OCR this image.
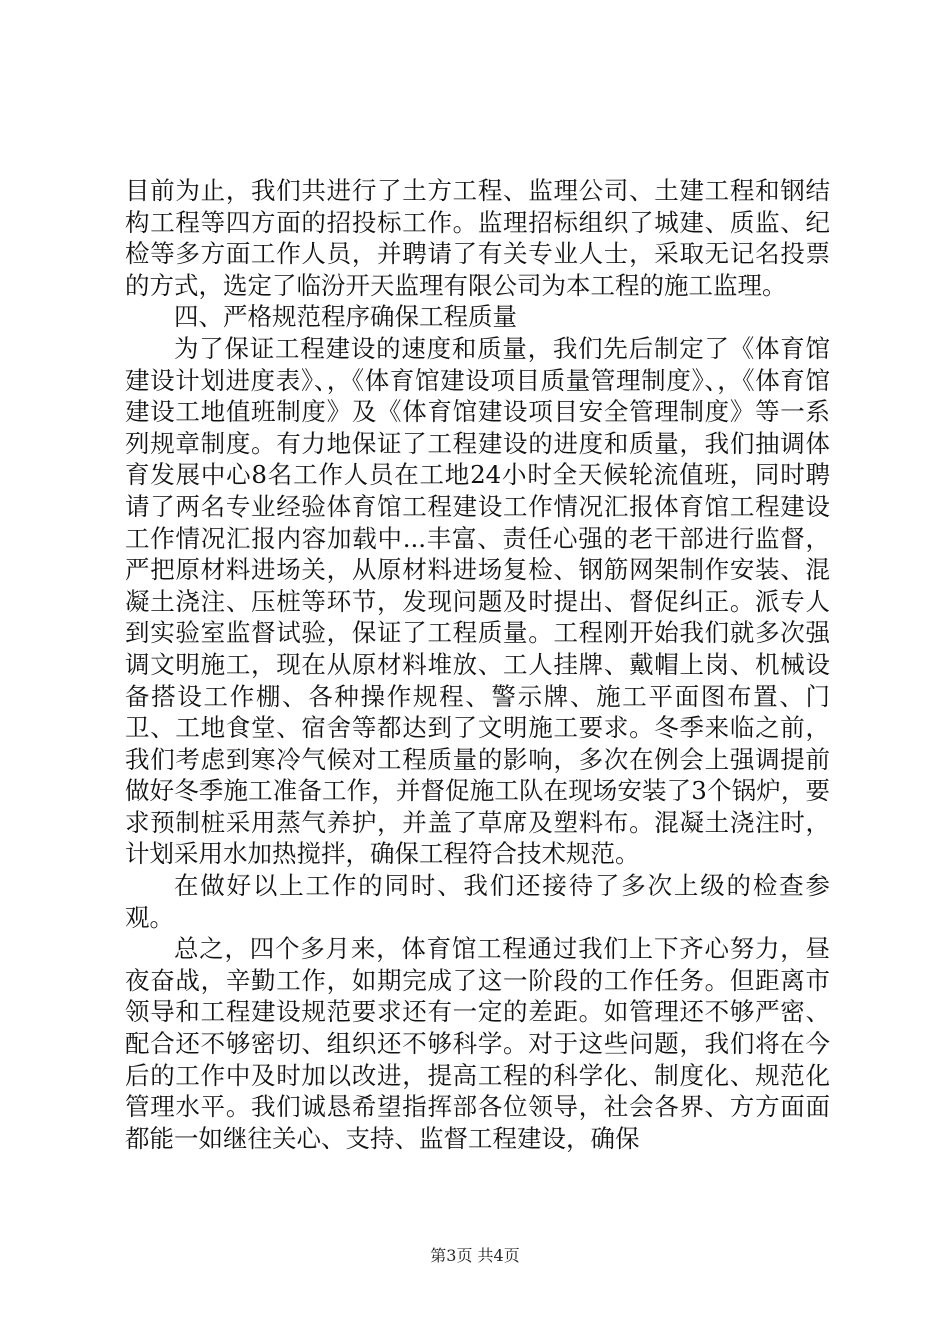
目前为止，我们共进行了土方工程、监理公司、土建工程和钢结构工程等四方面的招投标工作。监理招标组织了城建、质监、纪检等多方面工作人员，并聘请了有关专业人士，采取无记名投票的方式，选定了临汾开天监理有限公司为本工程的施工监理。

四、严格规范程序确保工程质量

为了保证工程建设的速度和质量，我们先后制定了《体育馆建设计划进度表》、，《体育馆建设项目质量管理制度》、，《体育馆建设工地值班制度》及《体育馆建设项目安全管理制度》等一系列规章制度。有力地保证了工程建设的进度和质量，我们抽调体育发展中心8名工作人员在工地24小时全天候轮流值班，同时聘请了两名专业经验体育馆工程建设工作情况汇报体育馆工程建设工作情况汇报内容加载中...丰富、责任心强的老干部进行监督，严把原材料进场关，从原材料进场复检、钢筋网架制作安装、混凝土浇注、压桩等环节，发现问题及时提出、督促纠正。派专人到实验室监督试验，保证了工程质量。工程刚开始我们就多次强调文明施工，现在从原材料堆放、工人挂牌、戴帽上岗、机械设备搭设工作棚、各种操作规程、警示牌、施工平面图布置、门卫、工地食堂、宿舍等都达到了文明施工要求。冬季来临之前，我们考虑到寒冷气候对工程质量的影响，多次在例会上强调提前做好冬季施工准备工作，并督促施工队在现场安装了3个锅炉，要求预制桩采用蒸气养护，并盖了草席及塑料布。混凝土浇注时，计划采用水加热搅拌，确保工程符合技术规范。

在做好以上工作的同时、我们还接待了多次上级的检查参观。

总之，四个多月来，体育馆工程通过我们上下齐心努力，昼夜奋战，辛勤工作，如期完成了这一阶段的工作任务。但距离市领导和工程建设规范要求还有一定的差距。如管理还不够严密、配合还不够密切、组织还不够科学。对于这些问题，我们将在今后的工作中及时加以改进，提高工程的科学化、制度化、规范化管理水平。我们诚恳希望指挥部各位领导，社会各界、方方面面都能一如继往关心、支持、监督工程建设，确保

第3页 共4页
